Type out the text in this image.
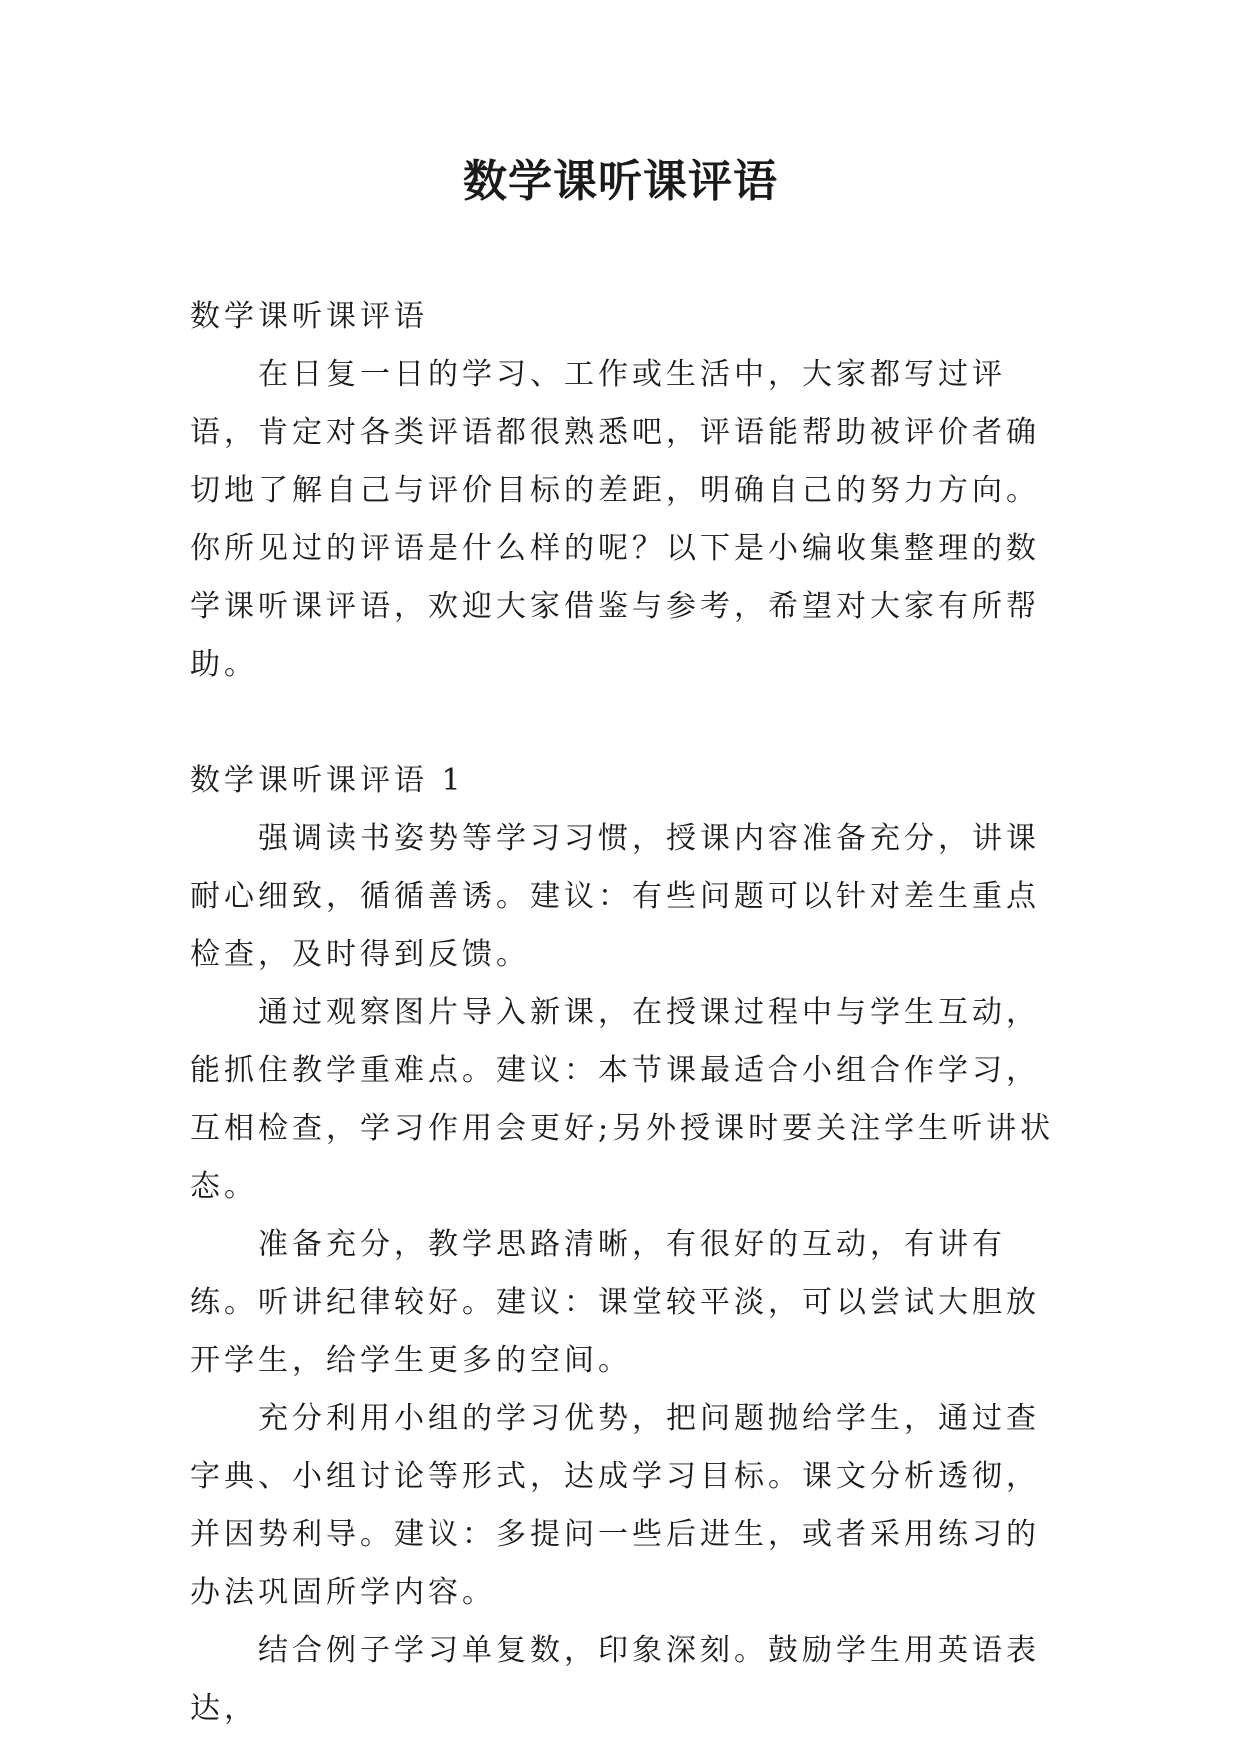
数学课听课评语

数学课听课评语

在日复一日的学习、工作或生活中，大家都写过评语，肯定对各类评语都很熟悉吧，评语能帮助被评价者确切地了解自己与评价目标的差距，明确自己的努力方向。你所见过的评语是什么样的呢？以下是小编收集整理的数学课听课评语，欢迎大家借鉴与参考，希望对大家有所帮助。

数学课听课评语 1

强调读书姿势等学习习惯，授课内容准备充分，讲课耐心细致，循循善诱。建议：有些问题可以针对差生重点检查，及时得到反馈。

通过观察图片导入新课，在授课过程中与学生互动，能抓住教学重难点。建议：本节课最适合小组合作学习，互相检查，学习作用会更好;另外授课时要关注学生听讲状态。

准备充分，教学思路清晰，有很好的互动，有讲有练。听讲纪律较好。建议：课堂较平淡，可以尝试大胆放开学生，给学生更多的空间。

充分利用小组的学习优势，把问题抛给学生，通过查字典、小组讨论等形式，达成学习目标。课文分析透彻，并因势利导。建议：多提问一些后进生，或者采用练习的办法巩固所学内容。

结合例子学习单复数，印象深刻。鼓励学生用英语表达，
